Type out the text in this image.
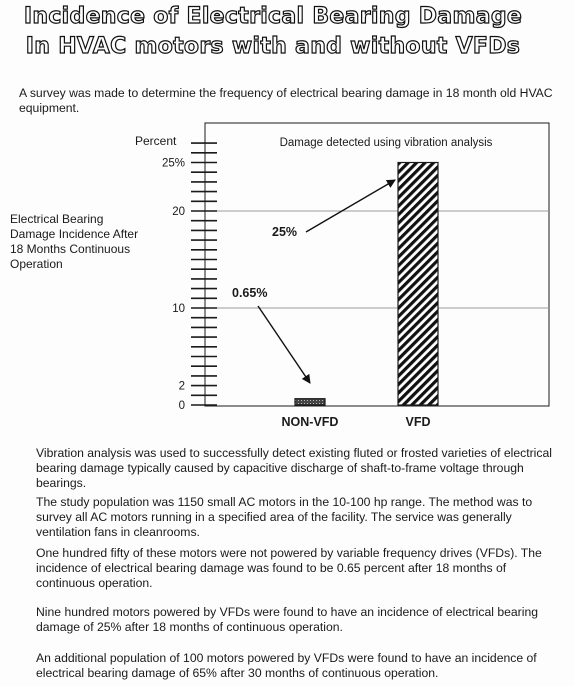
Incidence of Electrical Bearing Damage
In HVAC motors with and without VFDs

A survey was made to determine the frequency of electrical bearing damage in 18 month old HVAC equipment.

Electrical Bearing Damage Incidence After 18 Months Continuous Operation

Damage detected using vibration analysis
Percent
0
2
10
20
25%
NON-VFD	VFD
0.65%
25%

Vibration analysis was used to successfully detect existing fluted or frosted varieties of electrical bearing damage typically caused by capacitive discharge of shaft-to-frame voltage through bearings.

The study population was 1150 small AC motors in the 10-100 hp range. The method was to survey all AC motors running in a specified area of the facility. The service was generally ventilation fans in cleanrooms.

One hundred fifty of these motors were not powered by variable frequency drives (VFDs). The incidence of electrical bearing damage was found to be 0.65 percent after 18 months of continuous operation.

Nine hundred motors powered by VFDs were found to have an incidence of electrical bearing damage of 25% after 18 months of continuous operation.

An additional population of 100 motors powered by VFDs were found to have an incidence of electrical bearing damage of 65% after 30 months of continuous operation.
